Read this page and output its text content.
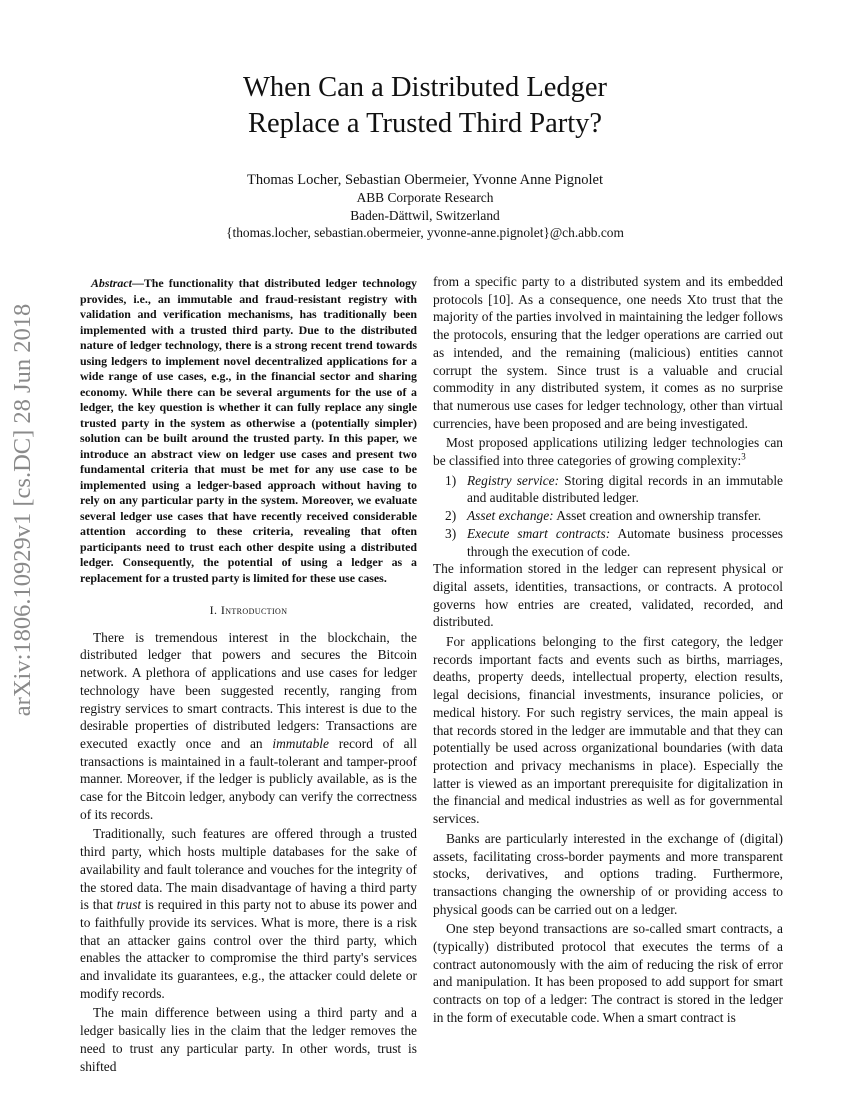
arXiv:1806.10929v1 [cs.DC] 28 Jun 2018
When Can a Distributed Ledger
Replace a Trusted Third Party?
Thomas Locher, Sebastian Obermeier, Yvonne Anne Pignolet
ABB Corporate Research
Baden-Dättwil, Switzerland
{thomas.locher, sebastian.obermeier, yvonne-anne.pignolet}@ch.abb.com

Abstract—The functionality that distributed ledger technology provides, i.e., an immutable and fraud-resistant registry with validation and verification mechanisms, has traditionally been implemented with a trusted third party. Due to the distributed nature of ledger technology, there is a strong recent trend towards using ledgers to implement novel decentralized applications for a wide range of use cases, e.g., in the financial sector and sharing economy. While there can be several arguments for the use of a ledger, the key question is whether it can fully replace any single trusted party in the system as otherwise a (potentially simpler) solution can be built around the trusted party. In this paper, we introduce an abstract view on ledger use cases and present two fundamental criteria that must be met for any use case to be implemented using a ledger-based approach without having to rely on any particular party in the system. Moreover, we evaluate several ledger use cases that have recently received considerable attention according to these criteria, revealing that often participants need to trust each other despite using a distributed ledger. Consequently, the potential of using a ledger as a replacement for a trusted party is limited for these use cases.

I. Introduction

There is tremendous interest in the blockchain, the distributed ledger that powers and secures the Bitcoin network. A plethora of applications and use cases for ledger technology have been suggested recently, ranging from registry services to smart contracts. This interest is due to the desirable properties of distributed ledgers: Transactions are executed exactly once and an immutable record of all transactions is maintained in a fault-tolerant and tamper-proof manner. Moreover, if the ledger is publicly available, as is the case for the Bitcoin ledger, anybody can verify the correctness of its records.

Traditionally, such features are offered through a trusted third party, which hosts multiple databases for the sake of availability and fault tolerance and vouches for the integrity of the stored data. The main disadvantage of having a third party is that trust is required in this party not to abuse its power and to faithfully provide its services. What is more, there is a risk that an attacker gains control over the third party, which enables the attacker to compromise the third party's services and invalidate its guarantees, e.g., the attacker could delete or modify records.

The main difference between using a third party and a ledger basically lies in the claim that the ledger removes the need to trust any particular party. In other words, trust is shifted

from a specific party to a distributed system and its embedded protocols [10]. As a consequence, one needs Xto trust that the majority of the parties involved in maintaining the ledger follows the protocols, ensuring that the ledger operations are carried out as intended, and the remaining (malicious) entities cannot corrupt the system. Since trust is a valuable and crucial commodity in any distributed system, it comes as no surprise that numerous use cases for ledger technology, other than virtual currencies, have been proposed and are being investigated.

Most proposed applications utilizing ledger technologies can be classified into three categories of growing complexity:$^3$

1) Registry service: Storing digital records in an immutable and auditable distributed ledger.
2) Asset exchange: Asset creation and ownership transfer.
3) Execute smart contracts: Automate business processes through the execution of code.

The information stored in the ledger can represent physical or digital assets, identities, transactions, or contracts. A protocol governs how entries are created, validated, recorded, and distributed.

For applications belonging to the first category, the ledger records important facts and events such as births, marriages, deaths, property deeds, intellectual property, election results, legal decisions, financial investments, insurance policies, or medical history. For such registry services, the main appeal is that records stored in the ledger are immutable and that they can potentially be used across organizational boundaries (with data protection and privacy mechanisms in place). Especially the latter is viewed as an important prerequisite for digitalization in the financial and medical industries as well as for governmental services.

Banks are particularly interested in the exchange of (digital) assets, facilitating cross-border payments and more transparent stocks, derivatives, and options trading. Furthermore, transactions changing the ownership of or providing access to physical goods can be carried out on a ledger.

One step beyond transactions are so-called smart contracts, a (typically) distributed protocol that executes the terms of a contract autonomously with the aim of reducing the risk of error and manipulation. It has been proposed to add support for smart contracts on top of a ledger: The contract is stored in the ledger in the form of executable code. When a smart contract is
